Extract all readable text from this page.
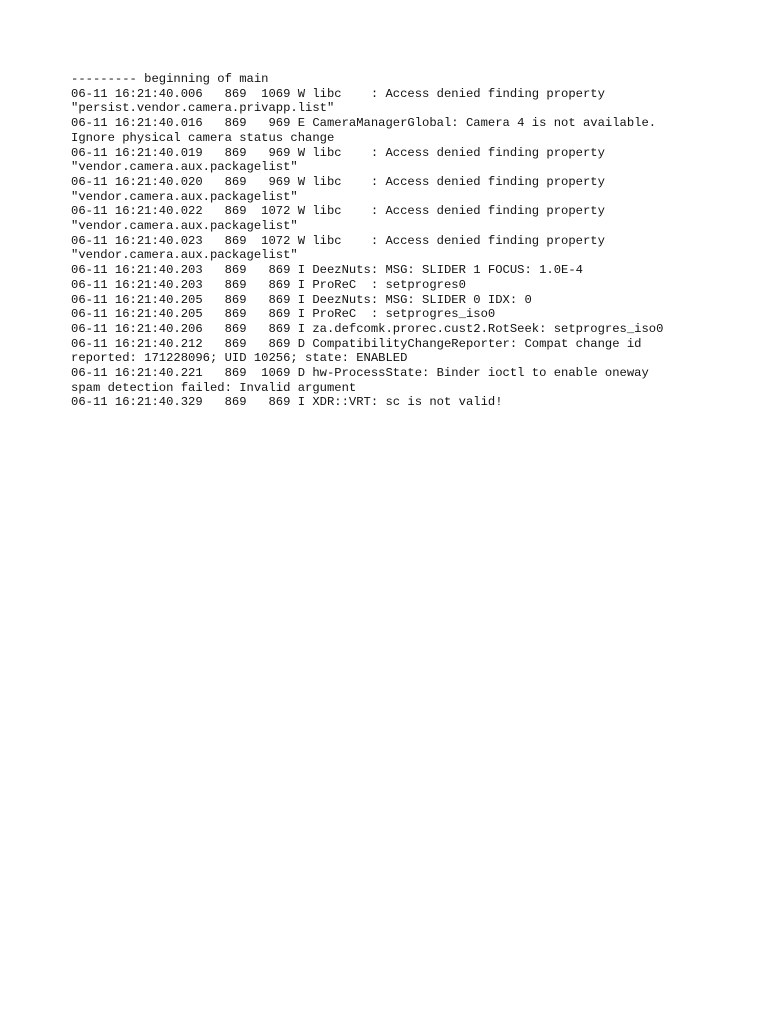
--------- beginning of main
06-11 16:21:40.006   869  1069 W libc    : Access denied finding property
"persist.vendor.camera.privapp.list"
06-11 16:21:40.016   869   969 E CameraManagerGlobal: Camera 4 is not available.
Ignore physical camera status change
06-11 16:21:40.019   869   969 W libc    : Access denied finding property
"vendor.camera.aux.packagelist"
06-11 16:21:40.020   869   969 W libc    : Access denied finding property
"vendor.camera.aux.packagelist"
06-11 16:21:40.022   869  1072 W libc    : Access denied finding property
"vendor.camera.aux.packagelist"
06-11 16:21:40.023   869  1072 W libc    : Access denied finding property
"vendor.camera.aux.packagelist"
06-11 16:21:40.203   869   869 I DeezNuts: MSG: SLIDER 1 FOCUS: 1.0E-4
06-11 16:21:40.203   869   869 I ProReC  : setprogres0
06-11 16:21:40.205   869   869 I DeezNuts: MSG: SLIDER 0 IDX: 0
06-11 16:21:40.205   869   869 I ProReC  : setprogres_iso0
06-11 16:21:40.206   869   869 I za.defcomk.prorec.cust2.RotSeek: setprogres_iso0
06-11 16:21:40.212   869   869 D CompatibilityChangeReporter: Compat change id
reported: 171228096; UID 10256; state: ENABLED
06-11 16:21:40.221   869  1069 D hw-ProcessState: Binder ioctl to enable oneway
spam detection failed: Invalid argument
06-11 16:21:40.329   869   869 I XDR::VRT: sc is not valid!
